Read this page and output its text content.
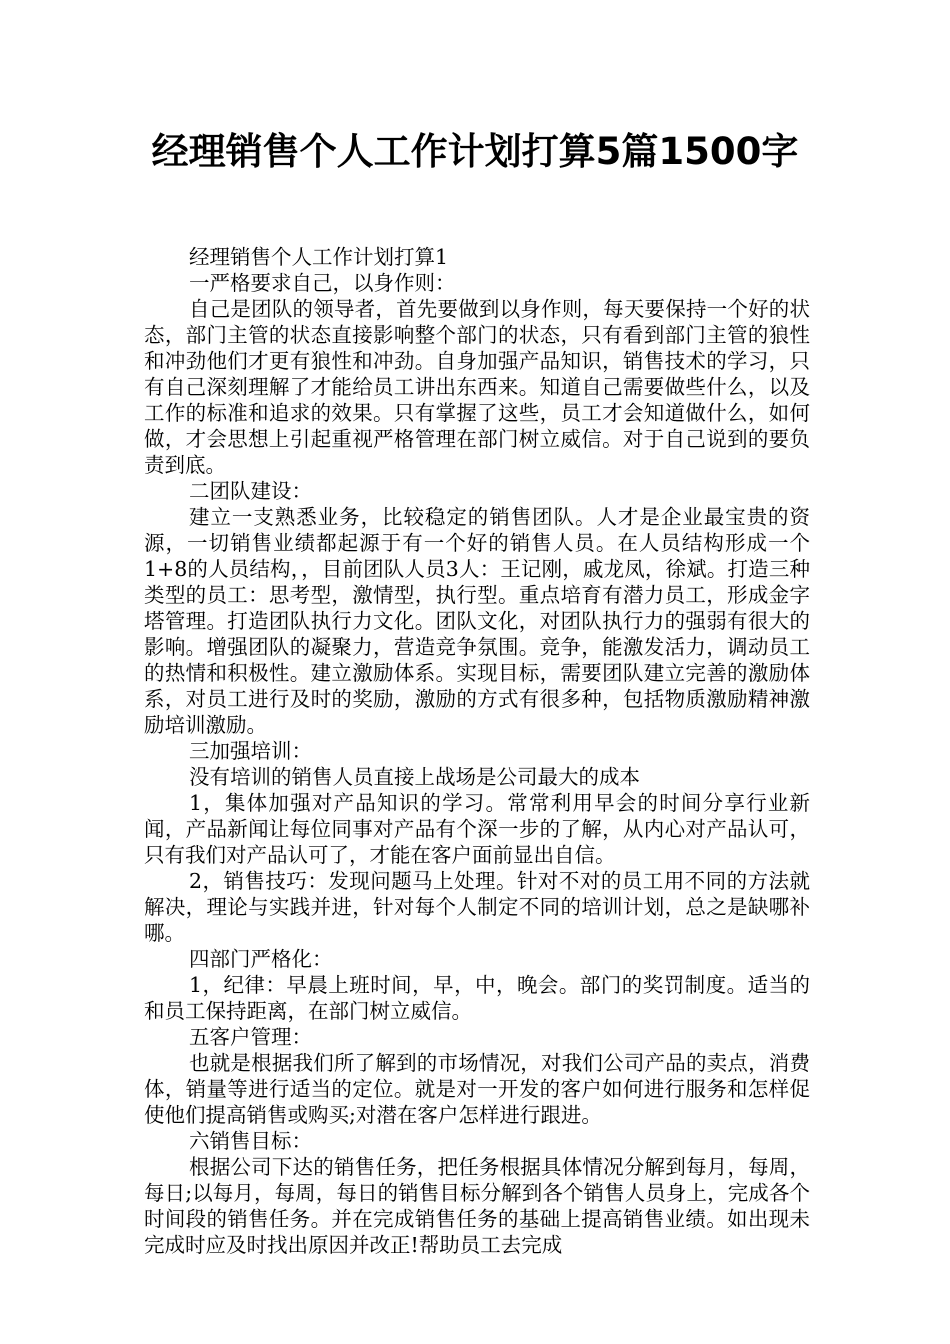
经理销售个人工作计划打算5篇1500字

经理销售个人工作计划打算1

一严格要求自己，以身作则：

自己是团队的领导者，首先要做到以身作则，每天要保持一个好的状态，部门主管的状态直接影响整个部门的状态，只有看到部门主管的狼性和冲劲他们才更有狼性和冲劲。自身加强产品知识，销售技术的学习，只有自己深刻理解了才能给员工讲出东西来。知道自己需要做些什么，以及工作的标准和追求的效果。只有掌握了这些，员工才会知道做什么，如何做，才会思想上引起重视严格管理在部门树立威信。对于自己说到的要负责到底。

二团队建设：

建立一支熟悉业务，比较稳定的销售团队。人才是企业最宝贵的资源，一切销售业绩都起源于有一个好的销售人员。在人员结构形成一个1+8的人员结构，，目前团队人员3人：王记刚，戚龙凤，徐斌。打造三种类型的员工：思考型，激情型，执行型。重点培育有潜力员工，形成金字塔管理。打造团队执行力文化。团队文化，对团队执行力的强弱有很大的影响。增强团队的凝聚力，营造竞争氛围。竞争，能激发活力，调动员工的热情和积极性。建立激励体系。实现目标，需要团队建立完善的激励体系，对员工进行及时的奖励，激励的方式有很多种，包括物质激励精神激励培训激励。

三加强培训：

没有培训的销售人员直接上战场是公司最大的成本

1，集体加强对产品知识的学习。常常利用早会的时间分享行业新闻，产品新闻让每位同事对产品有个深一步的了解，从内心对产品认可，只有我们对产品认可了，才能在客户面前显出自信。

2，销售技巧：发现问题马上处理。针对不对的员工用不同的方法就解决，理论与实践并进，针对每个人制定不同的培训计划，总之是缺哪补哪。

四部门严格化：

1，纪律：早晨上班时间，早，中，晚会。部门的奖罚制度。适当的和员工保持距离，在部门树立威信。

五客户管理：

也就是根据我们所了解到的市场情况，对我们公司产品的卖点，消费体，销量等进行适当的定位。就是对一开发的客户如何进行服务和怎样促使他们提高销售或购买;对潜在客户怎样进行跟进。

六销售目标：

根据公司下达的销售任务，把任务根据具体情况分解到每月，每周，每日;以每月，每周，每日的销售目标分解到各个销售人员身上，完成各个时间段的销售任务。并在完成销售任务的基础上提高销售业绩。如出现未完成时应及时找出原因并改正!帮助员工去完成
